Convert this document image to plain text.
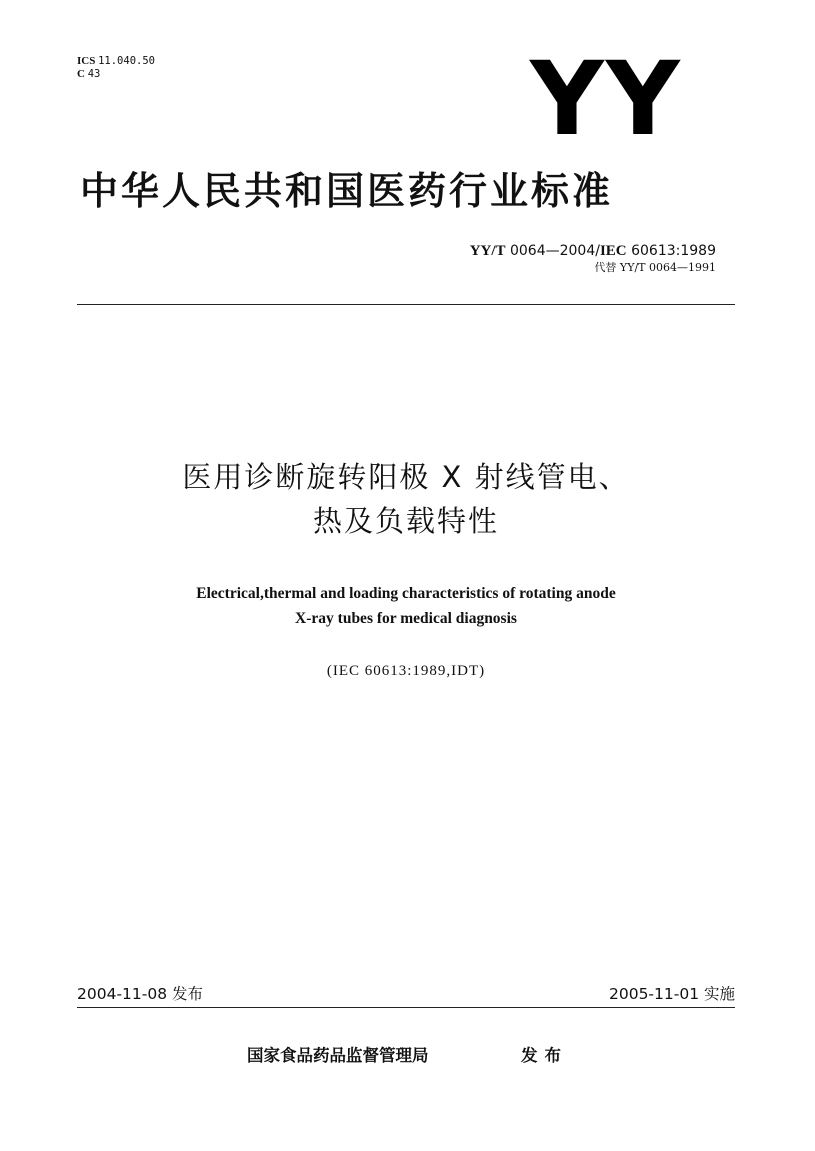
ICS 11.040.50
C 43	YY
中华人民共和国医药行业标准
YY/T 0064—2004/IEC 60613:1989
代替 YY/T 0064—1991
医用诊断旋转阳极 X 射线管电、
热及负载特性
Electrical,thermal and loading characteristics of rotating anode
X-ray tubes for medical diagnosis
(IEC 60613:1989,IDT)
2004-11-08 发布	2005-11-01 实施
国家食品药品监督管理局	发布
